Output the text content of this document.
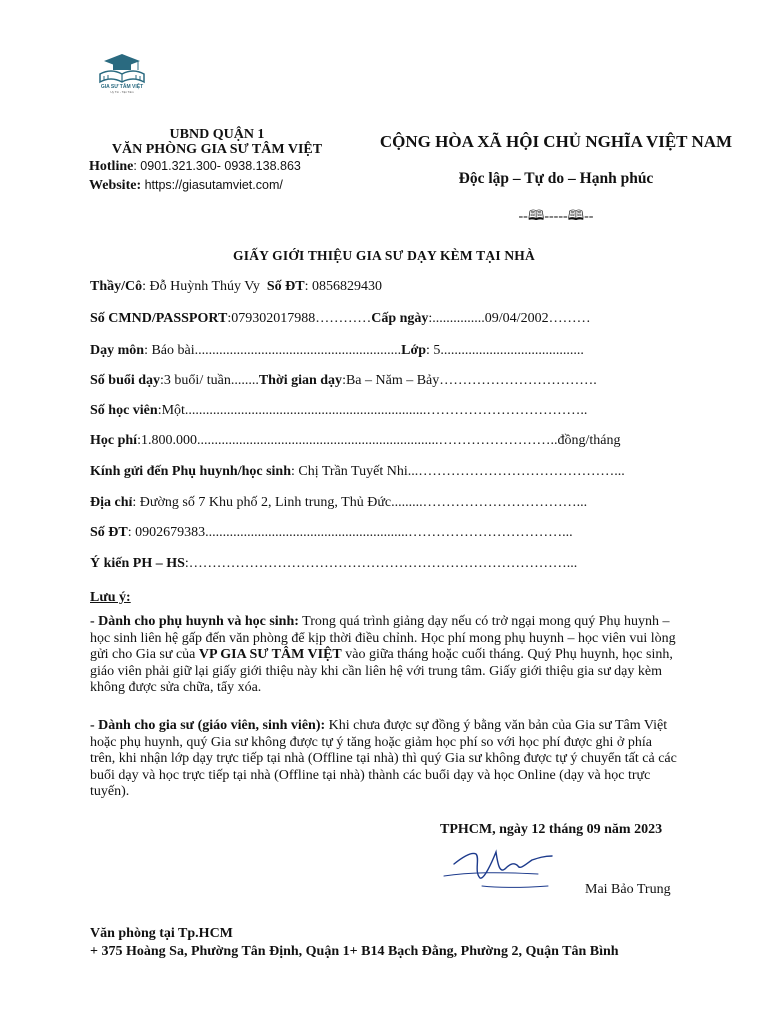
GIA SƯ TÂM VIỆT
Uy Tín - Tận Tâm
UBND QUẬN 1
VĂN PHÒNG GIA SƯ TÂM VIỆT
Hotline: 0901.321.300- 0938.138.863
Website: https://giasutamviet.com/
CỘNG HÒA XÃ HỘI CHỦ NGHĨA VIỆT NAM
Độc lập – Tự do – Hạnh phúc
--🕮-----🕮--
GIẤY GIỚI THIỆU GIA SƯ DẠY KÈM TẠI NHÀ
Thầy/Cô: Đỗ Huỳnh Thúy Vy Số ĐT: 0856829430
Số CMND/PASSPORT:079302017988…………Cấp ngày:...............09/04/2002………
Dạy môn: Báo bài...........................................................Lớp: 5.........................................
Số buổi dạy:3 buổi/ tuần........Thời gian dạy:Ba – Năm – Bảy…………………………….
Số học viên:Một.....................................................................……………………………..
Học phí:1.800.000.....................................................................……………………..đồng/tháng
Kính gửi đến Phụ huynh/học sinh: Chị Trần Tuyết Nhi...……………………………………...
Địa chỉ: Đường số 7 Khu phố 2, Linh trung, Thủ Đức.........……………………………...
Số ĐT: 0902679383..........................................................……………………………...
Ý kiến PH – HS:………………………………………………………………………...
Lưu ý:
- Dành cho phụ huynh và học sinh: Trong quá trình giảng dạy nếu có trở ngại mong quý Phụ huynh – học sinh liên hệ gấp đến văn phòng để kịp thời điều chỉnh. Học phí mong phụ huynh – học viên vui lòng gửi cho Gia sư của VP GIA SƯ TÂM VIỆT vào giữa tháng hoặc cuối tháng. Quý Phụ huynh, học sinh, giáo viên phải giữ lại giấy giới thiệu này khi cần liên hệ với trung tâm. Giấy giới thiệu gia sư dạy kèm không được sửa chữa, tẩy xóa.
- Dành cho gia sư (giáo viên, sinh viên): Khi chưa được sự đồng ý bằng văn bản của Gia sư Tâm Việt hoặc phụ huynh, quý Gia sư không được tự ý tăng hoặc giảm học phí so với học phí được ghi ở phía trên, khi nhận lớp dạy trực tiếp tại nhà (Offline tại nhà) thì quý Gia sư không được tự ý chuyển tất cả các buổi dạy và học trực tiếp tại nhà (Offline tại nhà) thành các buổi dạy và học Online (dạy và học trực tuyến).
TPHCM, ngày 12 tháng 09 năm 2023
Mai Bảo Trung
Văn phòng tại Tp.HCM
+ 375 Hoàng Sa, Phường Tân Định, Quận 1+ B14 Bạch Đằng, Phường 2, Quận Tân Bình
